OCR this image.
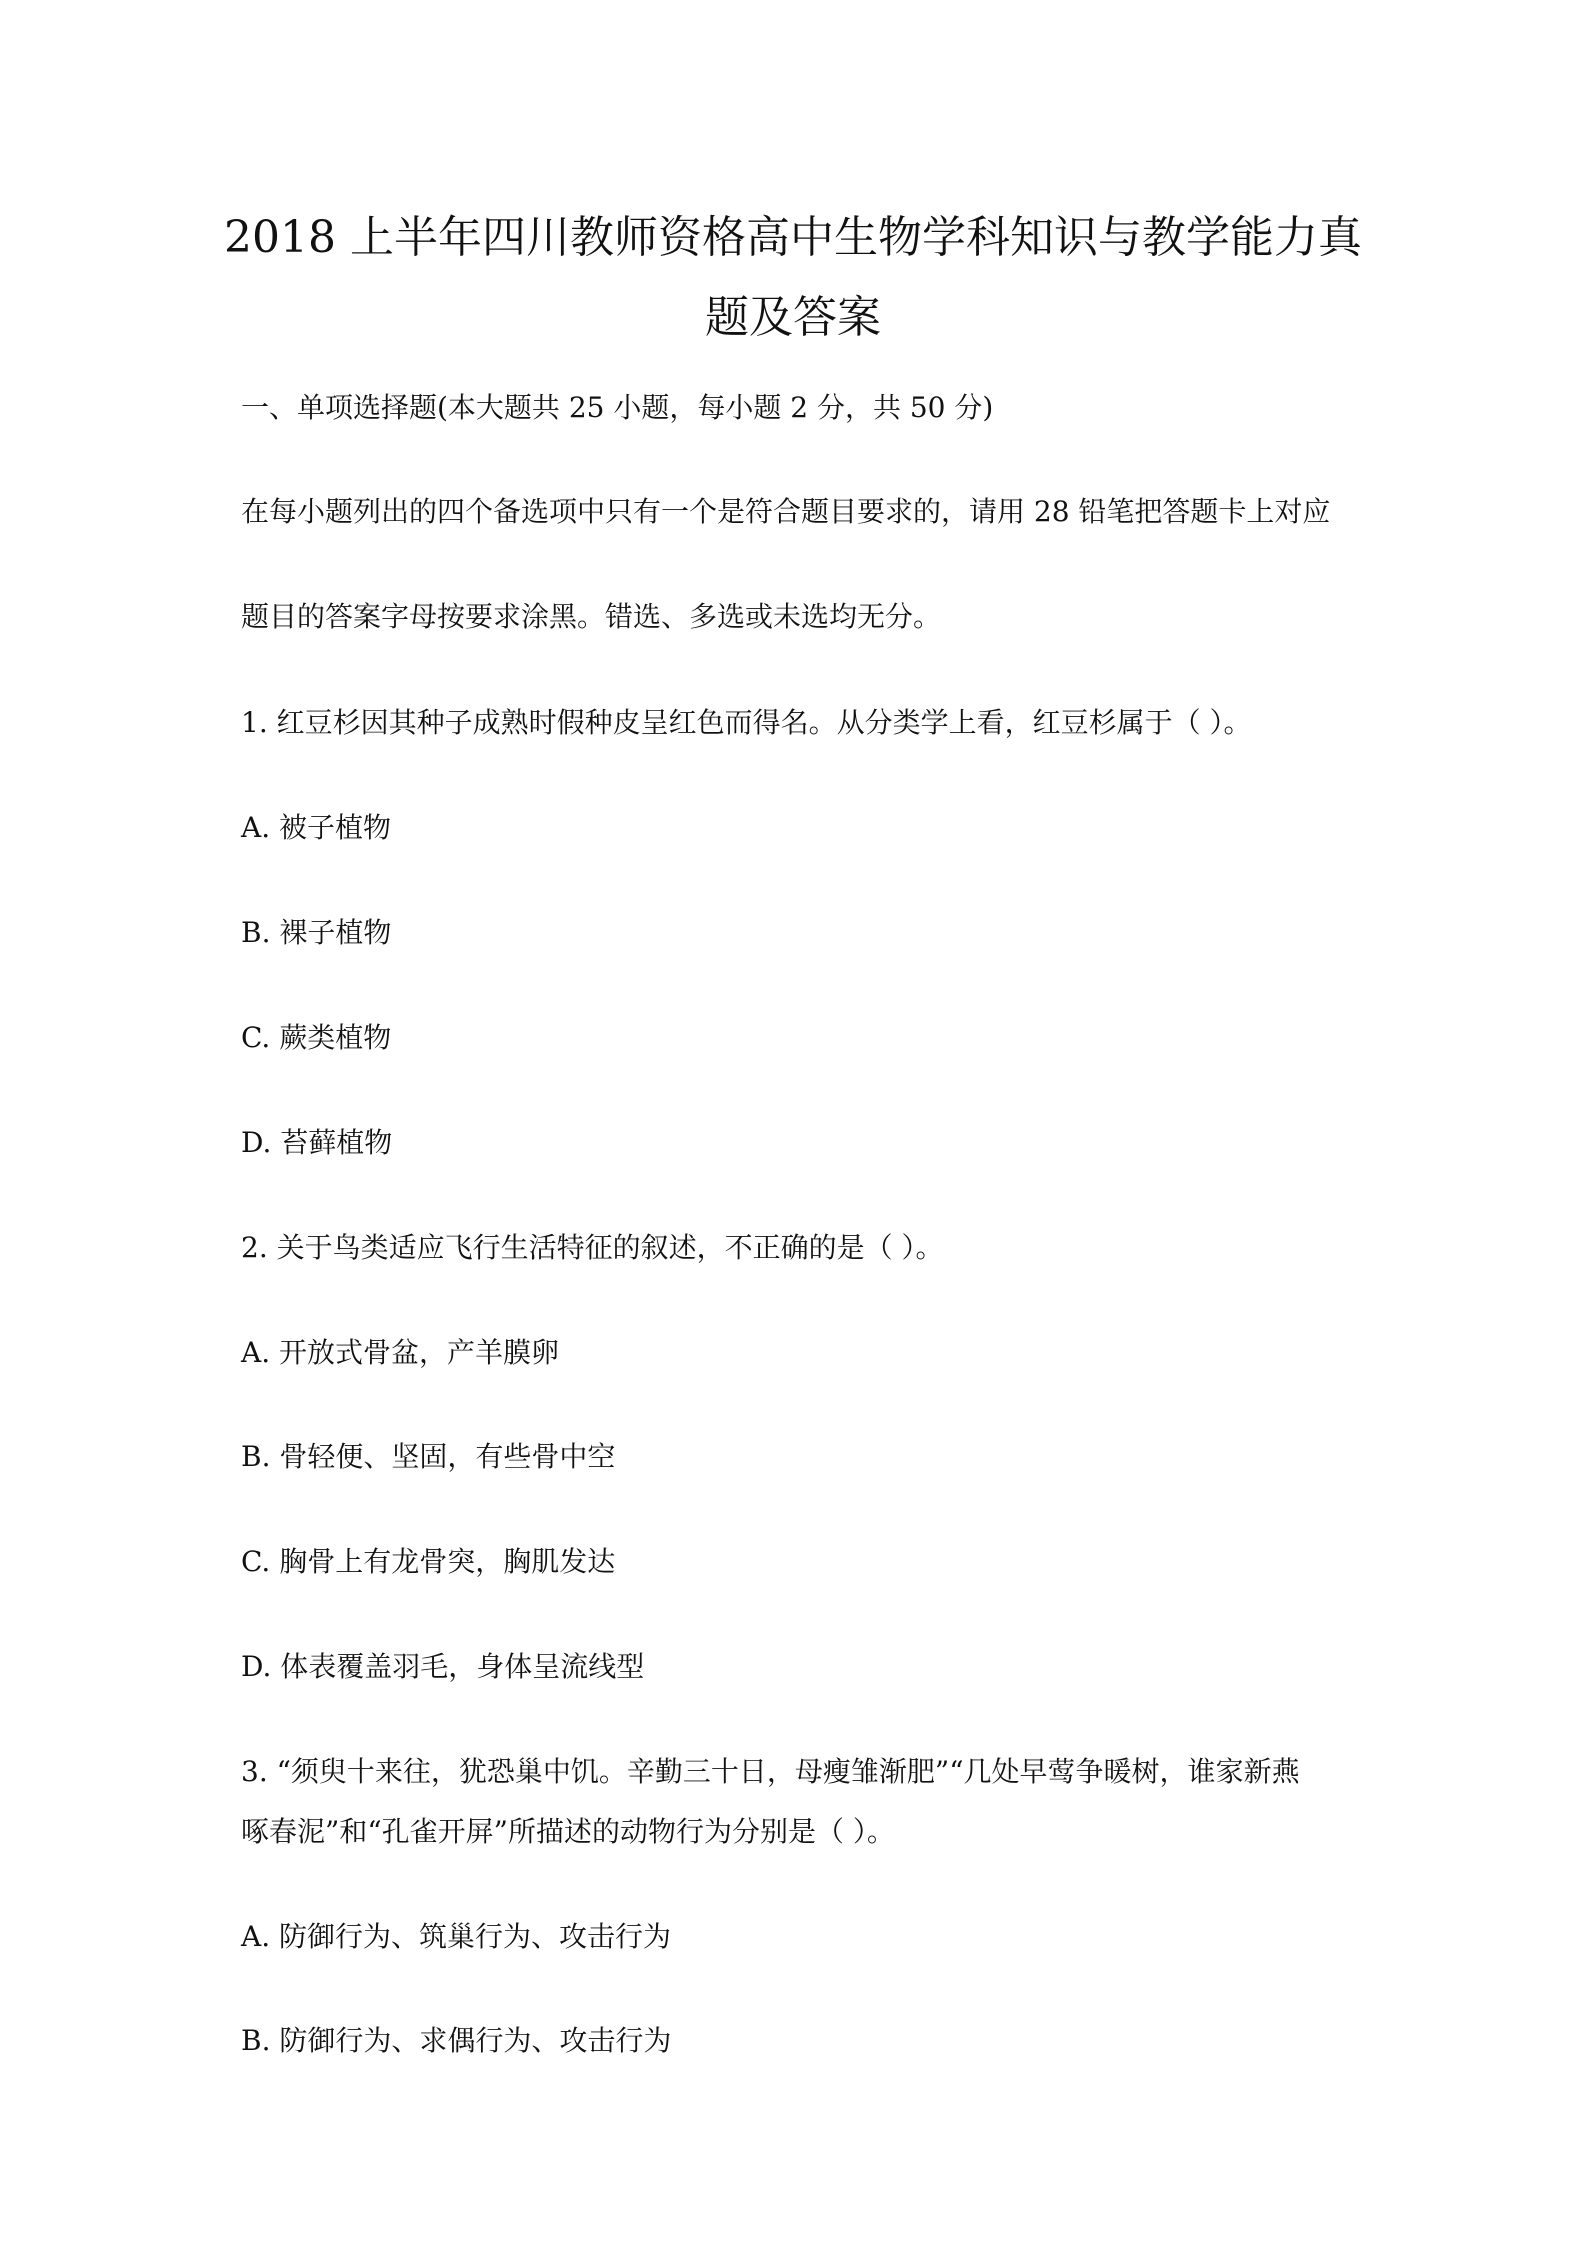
2018 上半年四川教师资格高中生物学科知识与教学能力真
题及答案

一、单项选择题(本大题共 25 小题，每小题 2 分，共 50 分)

在每小题列出的四个备选项中只有一个是符合题目要求的，请用 28 铅笔把答题卡上对应

题目的答案字母按要求涂黑。错选、多选或未选均无分。

1. 红豆杉因其种子成熟时假种皮呈红色而得名。从分类学上看，红豆杉属于（ ）。

A. 被子植物

B. 裸子植物

C. 蕨类植物

D. 苔藓植物

2. 关于鸟类适应飞行生活特征的叙述，不正确的是（ ）。

A. 开放式骨盆，产羊膜卵

B. 骨轻便、坚固，有些骨中空

C. 胸骨上有龙骨突，胸肌发达

D. 体表覆盖羽毛，身体呈流线型

3. “须臾十来往，犹恐巢中饥。辛勤三十日，母瘦雏渐肥”“几处早莺争暖树，谁家新燕

啄春泥”和“孔雀开屏”所描述的动物行为分别是（ ）。

A. 防御行为、筑巢行为、攻击行为

B. 防御行为、求偶行为、攻击行为
